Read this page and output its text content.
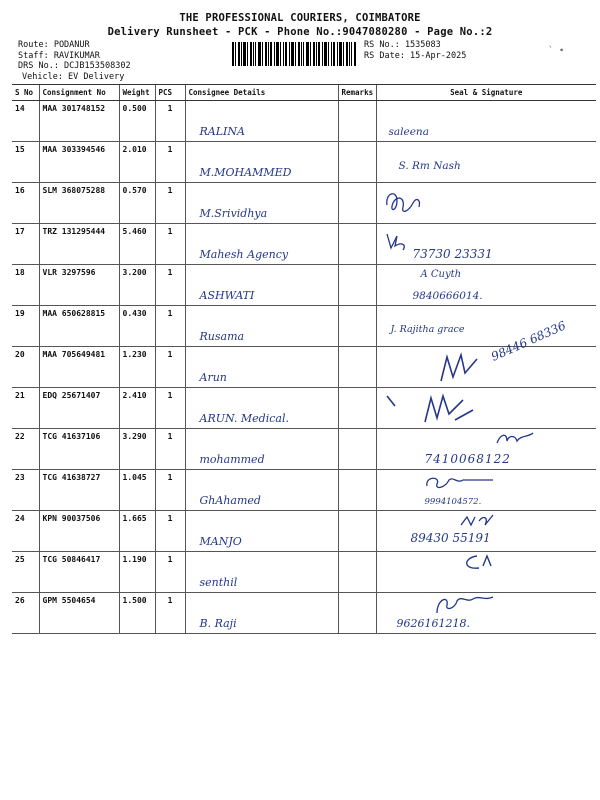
THE PROFESSIONAL COURIERS, COIMBATORE
Delivery Runsheet - PCK - Phone No.:9047080280 - Page No.:2
Route: PODANUR
Staff: RAVIKUMAR
DRS No.: DCJB153508302
Vehicle: EV Delivery
RS No.: 1535083
RS Date: 15-Apr-2025	` ∙
S No	Consignment No	Weight	PCS	Consignee Details	Remarks	Seal & Signature
14	MAA 301748152	0.500	1	RALINA		saleena

15	MAA 303394546	2.010	1	M.MOHAMMED		S. Rm Nash

16	SLM 368075288	0.570	1	M.Srividhya

17	TRZ 131295444	5.460	1	Mahesh Agency		73730 23331

18	VLR 3297596	3.200	1	ASHWATI		A Cuyth
9840666014.

19	MAA 650628815	0.430	1	Rusama		J. Rajitha grace

20	MAA 705649481	1.230	1	Arun		98446 68336

21	EDQ 25671407	2.410	1	ARUN. Medical.

22	TCG 41637106	3.290	1	mohammed		7410068122

23	TCG 41638727	1.045	1	GhAhamed		9994104572.

24	KPN 90037506	1.665	1	MANJO		89430 55191

25	TCG 50846417	1.190	1	senthil

26	GPM 5504654	1.500	1	B. Raji		9626161218.
